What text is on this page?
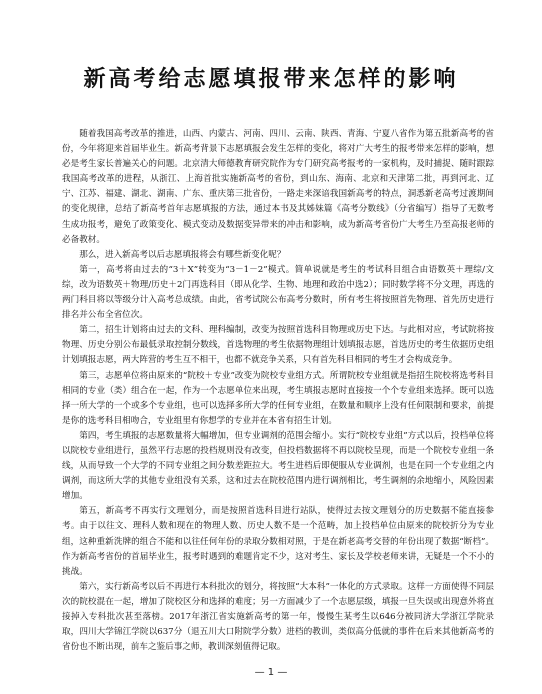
新高考给志愿填报带来怎样的影响

随着我国高考改革的推进，山西、内蒙古、河南、四川、云南、陕西、青海、宁夏八省作为第五批新高考的省份，今年将迎来首届毕业生。新高考背景下志愿填报会发生怎样的变化，将对广大考生的报考带来怎样的影响，想必是考生家长普遍关心的问题。北京清大师德教育研究院作为专门研究高考报考的一家机构，及时捕捉、随时跟踪我国高考改革的进程，从浙江、上海首批实施新高考的省份，到山东、海南、北京和天津第二批，再到河北、辽宁、江苏、福建、湖北、湖南、广东、重庆第三批省份，一路走来深谙我国新高考的特点，洞悉新老高考过渡期间的变化规律，总结了新高考首年志愿填报的方法，通过本书及其姊妹篇《高考分数线》（分省编写）指导了无数考生成功报考，避免了政策变化、模式变动及数据变异带来的冲击和影响，成为新高考省份广大考生乃至高报老师的必备教材。

那么，进入新高考以后志愿填报将会有哪些新变化呢？

第一，高考将由过去的“3＋X”转变为“3－1－2”模式。简单说就是考生的考试科目组合由语数英＋理综/文综，改为语数英＋物理/历史＋2门再选科目（即从化学、生物、地理和政治中选2）；同时数学将不分文理，再选的两门科目将以等级分计入高考总成绩。由此，省考试院公布高考分数时，所有考生将按照首先物理、首先历史进行排名并公布全省位次。

第二，招生计划将由过去的文科、理科编制，改变为按照首选科目物理或历史下达。与此相对应，考试院将按物理、历史分别公布最低录取控制分数线，首选物理的考生依据物理组计划填报志愿，首选历史的考生依据历史组计划填报志愿，两大阵营的考生互不相干，也都不就竞争关系，只有首先科目相同的考生才会构成竞争。

第三，志愿单位将由原来的“院校＋专业”改变为院校专业组方式。所谓院校专业组就是指招生院校将选考科目相同的专业（类）组合在一起，作为一个志愿单位来出现，考生填报志愿时直接按一个个专业组来选择。既可以选择一所大学的一个或多个专业组，也可以选择多所大学的任何专业组，在数量和顺序上没有任何限制和要求，前提是你的选考科目相吻合，专业组里有你想学的专业并在本省有招生计划。

第四，考生填报的志愿数量将大幅增加，但专业调剂的范围会缩小。实行“院校专业组”方式以后，投档单位将以院校专业组进行，虽然平行志愿的投档规则没有改变，但投档数据将不再以院校呈现，而是一个院校专业组一条线，从而导致一个大学的不同专业组之间分数差距拉大。考生进档后即便服从专业调剂，也是在同一个专业组之内调剂，而这所大学的其他专业组没有关系，这和过去在院校范围内进行调剂相比，考生调剂的余地缩小，风险因素增加。

第五，新高考不再实行文理划分，而是按照首选科目进行站队，使得过去按文理划分的历史数据不能直接参考。由于以往文、理科人数和现在的物理人数、历史人数不是一个范畴，加上投档单位由原来的院校折分为专业组，这种重新洗牌的组合不能和以往任何年份的录取分数相对照，于是在新老高考交替的年份出现了数据“断档”。作为新高考省份的首届毕业生，报考时遇到的难题肯定不少，这对考生、家长及学校老师来讲，无疑是一个不小的挑战。

第六，实行新高考以后不再进行本科批次的划分，将按照“大本科”一体化的方式录取。这样一方面使得不同层次的院校混在一起，增加了院校区分和选择的难度；另一方面减少了一个志愿层级，填报一旦失误或出现意外将直接掉入专科批次甚至落榜。2017年浙江省实施新高考的第一年，慢慢生某考生以646分被同济大学浙江学院录取，四川大学锦江学院以637分（退五川大口附院学分数）进档的教训，类似高分低就的事件在后来其他新高考的省份也不断出现，前车之鉴后事之师，教训深刻值得记取。

— 1 —
